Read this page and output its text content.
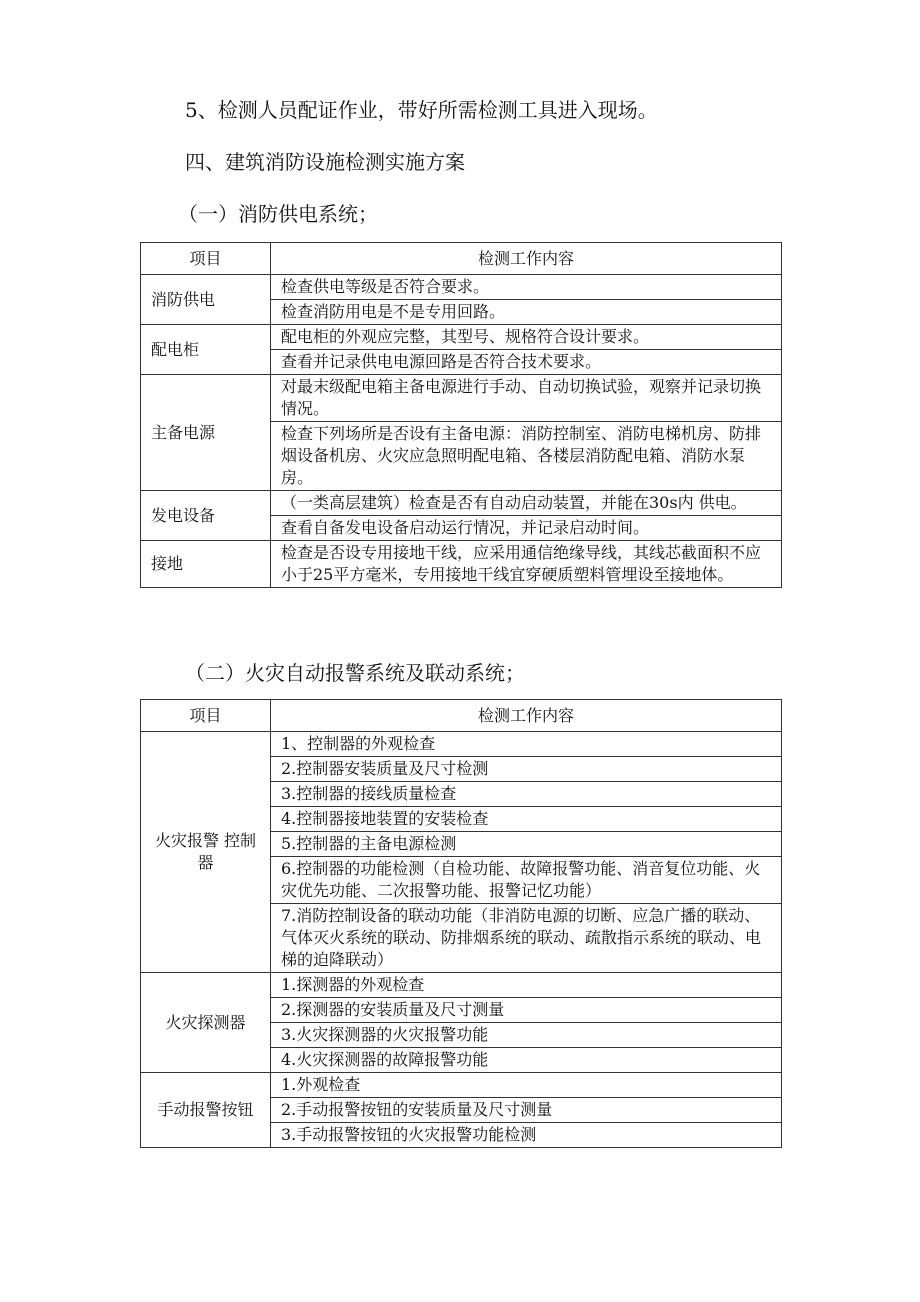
5、检测人员配证作业，带好所需检测工具进入现场。
四、建筑消防设施检测实施方案
（一）消防供电系统；
项目	检测工作内容
消防供电	检查供电等级是否符合要求。
	检查消防用电是不是专用回路。
配电柜	配电柜的外观应完整，其型号、规格符合设计要求。
	查看并记录供电电源回路是否符合技术要求。
主备电源	对最末级配电箱主备电源进行手动、自动切换试验，观察并记录切换情况。
	检查下列场所是否设有主备电源：消防控制室、消防电梯机房、防排烟设备机房、火灾应急照明配电箱、各楼层消防配电箱、消防水泵房。
发电设备	（一类高层建筑）检查是否有自动启动装置，并能在30s内 供电。
	查看自备发电设备启动运行情况，并记录启动时间。
接地	检查是否设专用接地干线，应采用通信绝缘导线，其线芯截面积不应小于25平方毫米，专用接地干线宜穿硬质塑料管埋设至接地体。
（二）火灾自动报警系统及联动系统；
项目	检测工作内容
火灾报警 控制器	1、控制器的外观检查
	2.控制器安装质量及尺寸检测
	3.控制器的接线质量检查
	4.控制器接地装置的安装检查
	5.控制器的主备电源检测
	6.控制器的功能检测（自检功能、故障报警功能、消音复位功能、火灾优先功能、二次报警功能、报警记忆功能）
	7.消防控制设备的联动功能（非消防电源的切断、应急广播的联动、气体灭火系统的联动、防排烟系统的联动、疏散指示系统的联动、电梯的迫降联动）
火灾探测器	1.探测器的外观检查
	2.探测器的安装质量及尺寸测量
	3.火灾探测器的火灾报警功能
	4.火灾探测器的故障报警功能
手动报警按钮	1.外观检查
	2.手动报警按钮的安装质量及尺寸测量
	3.手动报警按钮的火灾报警功能检测
